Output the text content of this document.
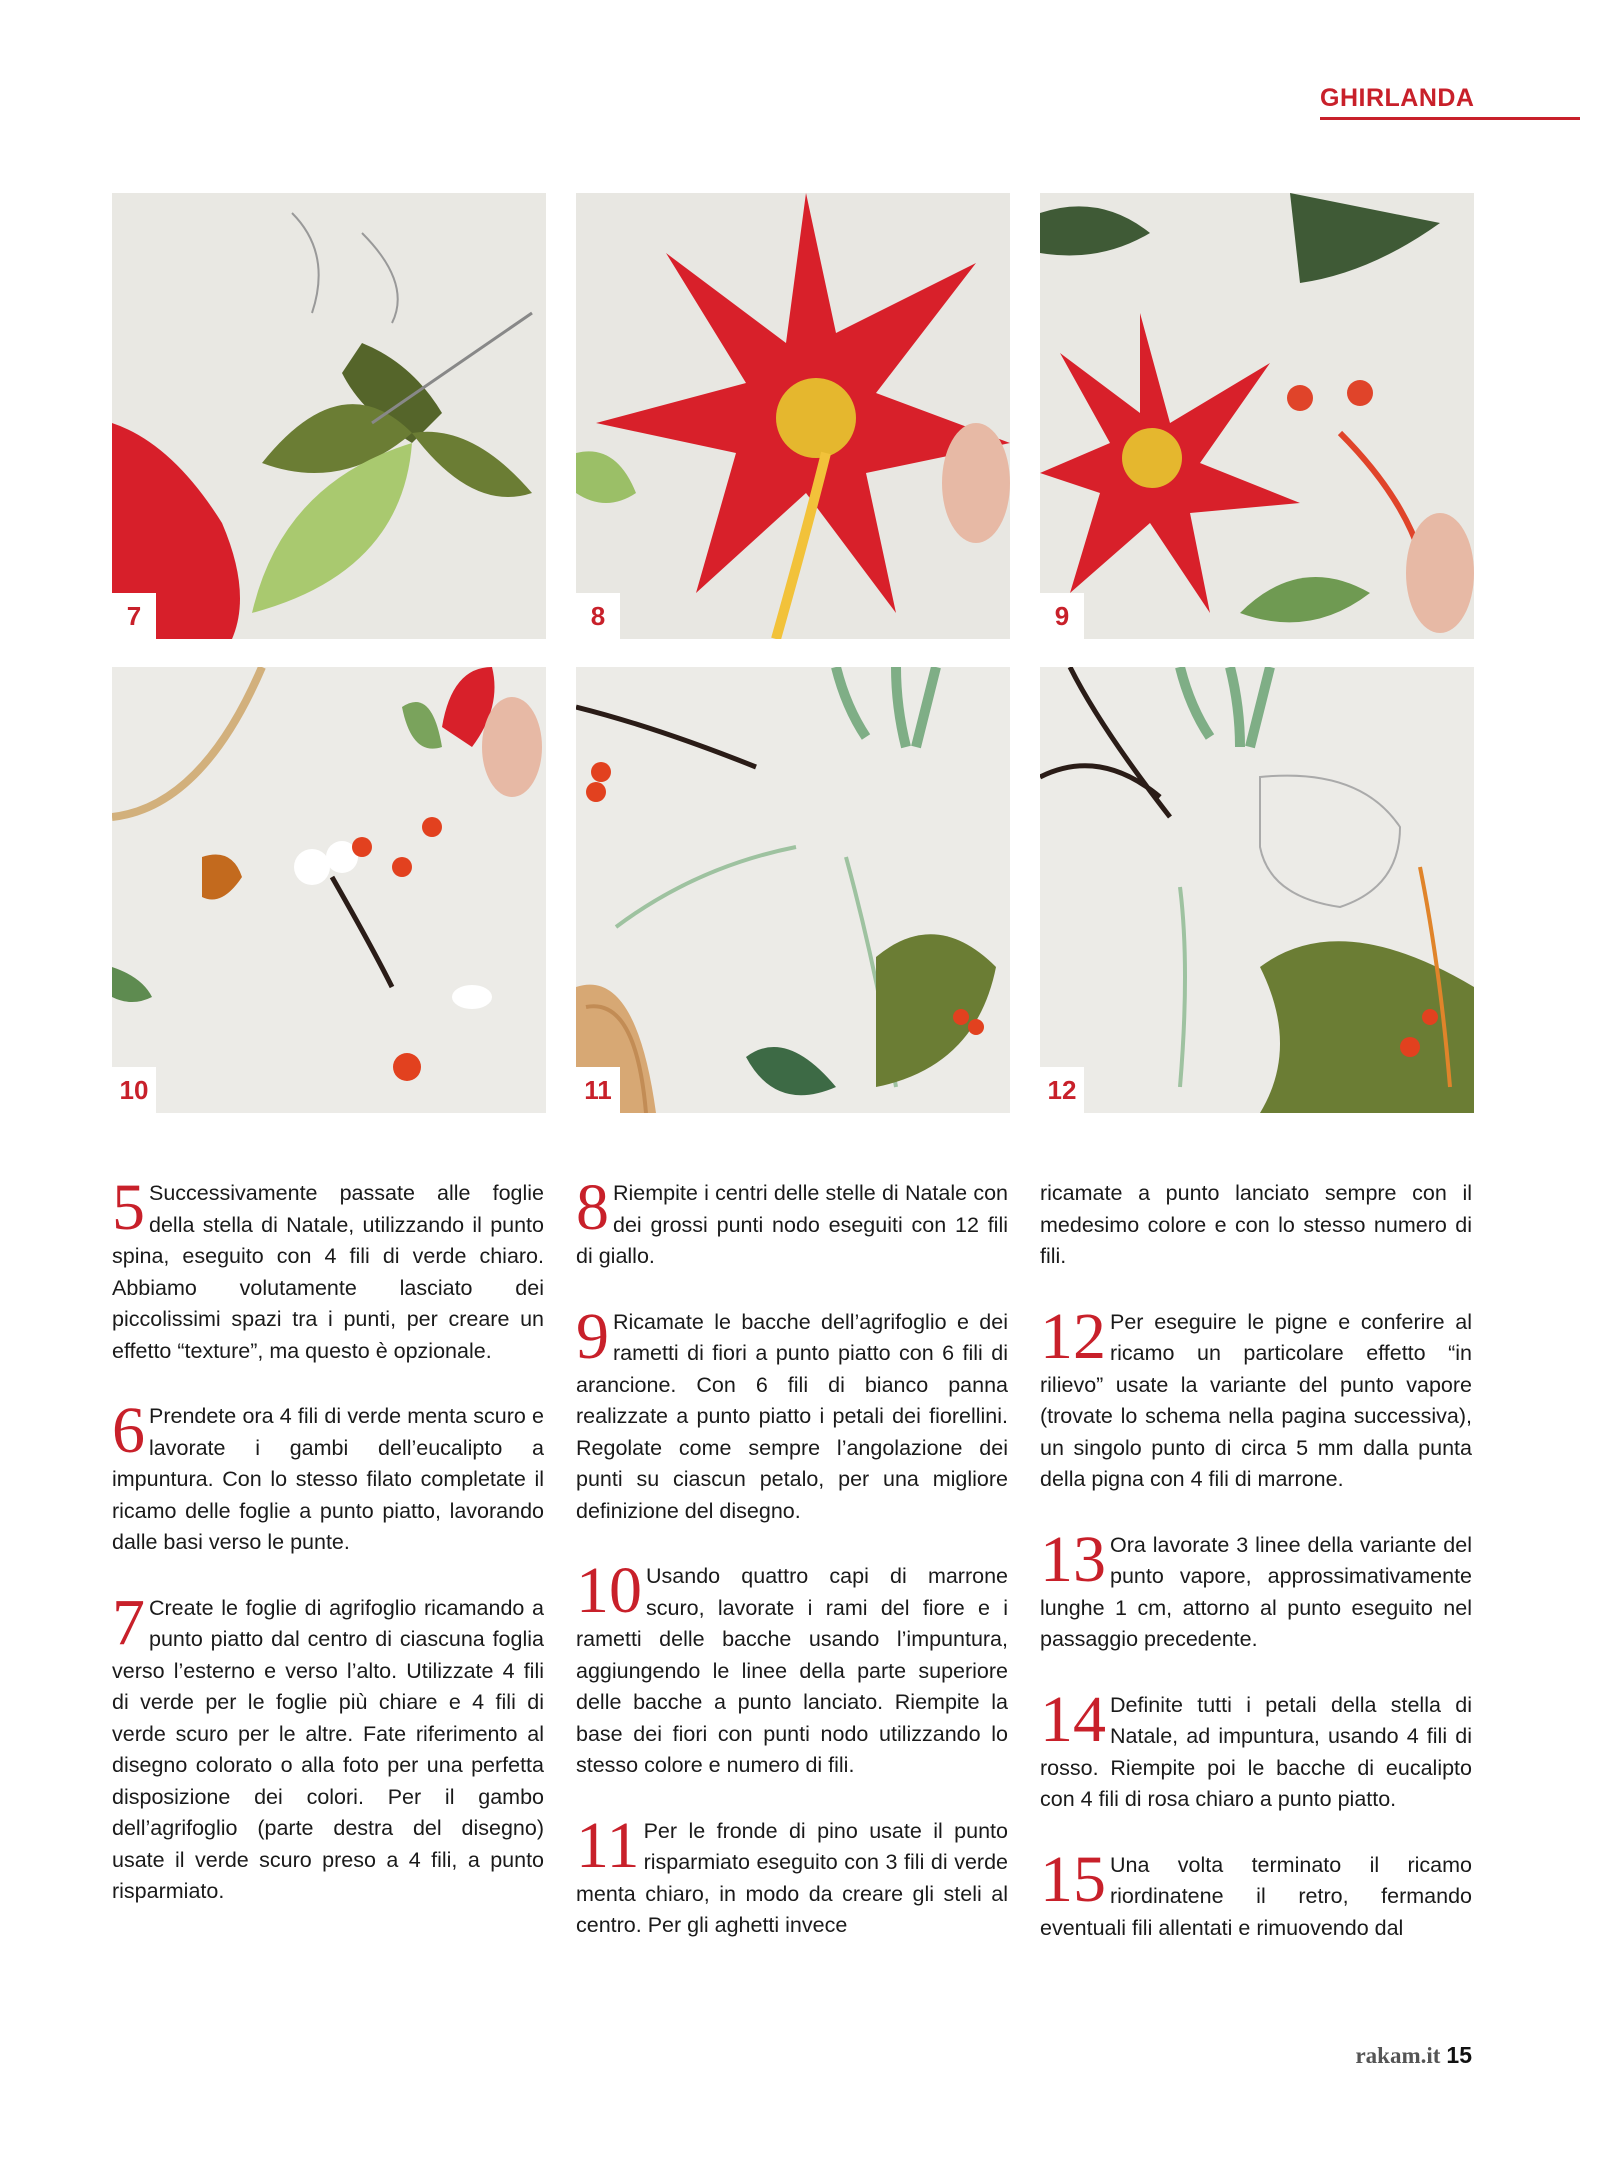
GHIRLANDA
7	8	9
10	11	12

5 Successivamente passate alle foglie della stella di Natale, utilizzando il punto spina, eseguito con 4 fili di verde chiaro. Abbiamo volutamente lasciato dei piccolissimi spazi tra i punti, per creare un effetto “texture”, ma questo è opzionale.

6 Prendete ora 4 fili di verde menta scuro e lavorate i gambi dell’eucalipto a impuntura. Con lo stesso filato completate il ricamo delle foglie a punto piatto, lavorando dalle basi verso le punte.

7 Create le foglie di agrifoglio ricamando a punto piatto dal centro di ciascuna foglia verso l’esterno e verso l’alto. Utilizzate 4 fili di verde per le foglie più chiare e 4 fili di verde scuro per le altre. Fate riferimento al disegno colorato o alla foto per una perfetta disposizione dei colori. Per il gambo dell’agrifoglio (parte destra del disegno) usate il verde scuro preso a 4 fili, a punto risparmiato.

8 Riempite i centri delle stelle di Natale con dei grossi punti nodo eseguiti con 12 fili di giallo.

9 Ricamate le bacche dell’agrifoglio e dei rametti di fiori a punto piatto con 6 fili di arancione. Con 6 fili di bianco panna realizzate a punto piatto i petali dei fiorellini. Regolate come sempre l’angolazione dei punti su ciascun petalo, per una migliore definizione del disegno.

10 Usando quattro capi di marrone scuro, lavorate i rami del fiore e i rametti delle bacche usando l’impuntura, aggiungendo le linee della parte superiore delle bacche a punto lanciato. Riempite la base dei fiori con punti nodo utilizzando lo stesso colore e numero di fili.

11 Per le fronde di pino usate il punto risparmiato eseguito con 3 fili di verde menta chiaro, in modo da creare gli steli al centro. Per gli aghetti invece

ricamate a punto lanciato sempre con il medesimo colore e con lo stesso numero di fili.

12 Per eseguire le pigne e conferire al ricamo un particolare effetto “in rilievo” usate la variante del punto vapore (trovate lo schema nella pagina successiva), un singolo punto di circa 5 mm dalla punta della pigna con 4 fili di marrone.

13 Ora lavorate 3 linee della variante del punto vapore, approssimativamente lunghe 1 cm, attorno al punto eseguito nel passaggio precedente.

14 Definite tutti i petali della stella di Natale, ad impuntura, usando 4 fili di rosso. Riempite poi le bacche di eucalipto con 4 fili di rosa chiaro a punto piatto.

15 Una volta terminato il ricamo riordinatene il retro, fermando eventuali fili allentati e rimuovendo dal

rakam.it 15
